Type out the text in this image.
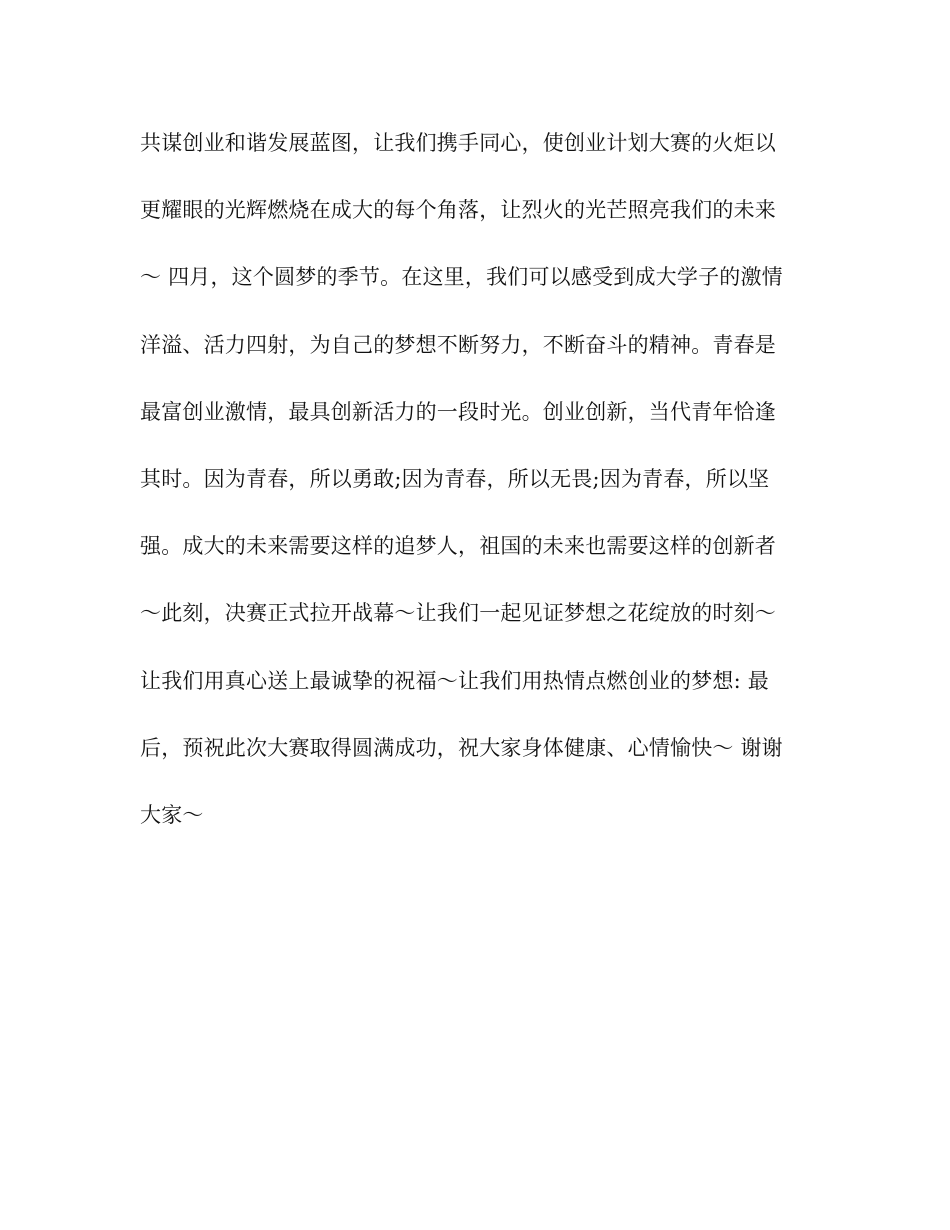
共谋创业和谐发展蓝图，让我们携手同心，使创业计划大赛的火炬以
更耀眼的光辉燃烧在成大的每个角落，让烈火的光芒照亮我们的未来
～ 四月，这个圆梦的季节。在这里，我们可以感受到成大学子的激情
洋溢、活力四射，为自己的梦想不断努力，不断奋斗的精神。青春是
最富创业激情，最具创新活力的一段时光。创业创新，当代青年恰逢
其时。因为青春，所以勇敢;因为青春，所以无畏;因为青春，所以坚
强。成大的未来需要这样的追梦人，祖国的未来也需要这样的创新者
～此刻，决赛正式拉开战幕～让我们一起见证梦想之花绽放的时刻～
让我们用真心送上最诚挚的祝福～让我们用热情点燃创业的梦想: 最
后，预祝此次大赛取得圆满成功，祝大家身体健康、心情愉快～ 谢谢
大家～
